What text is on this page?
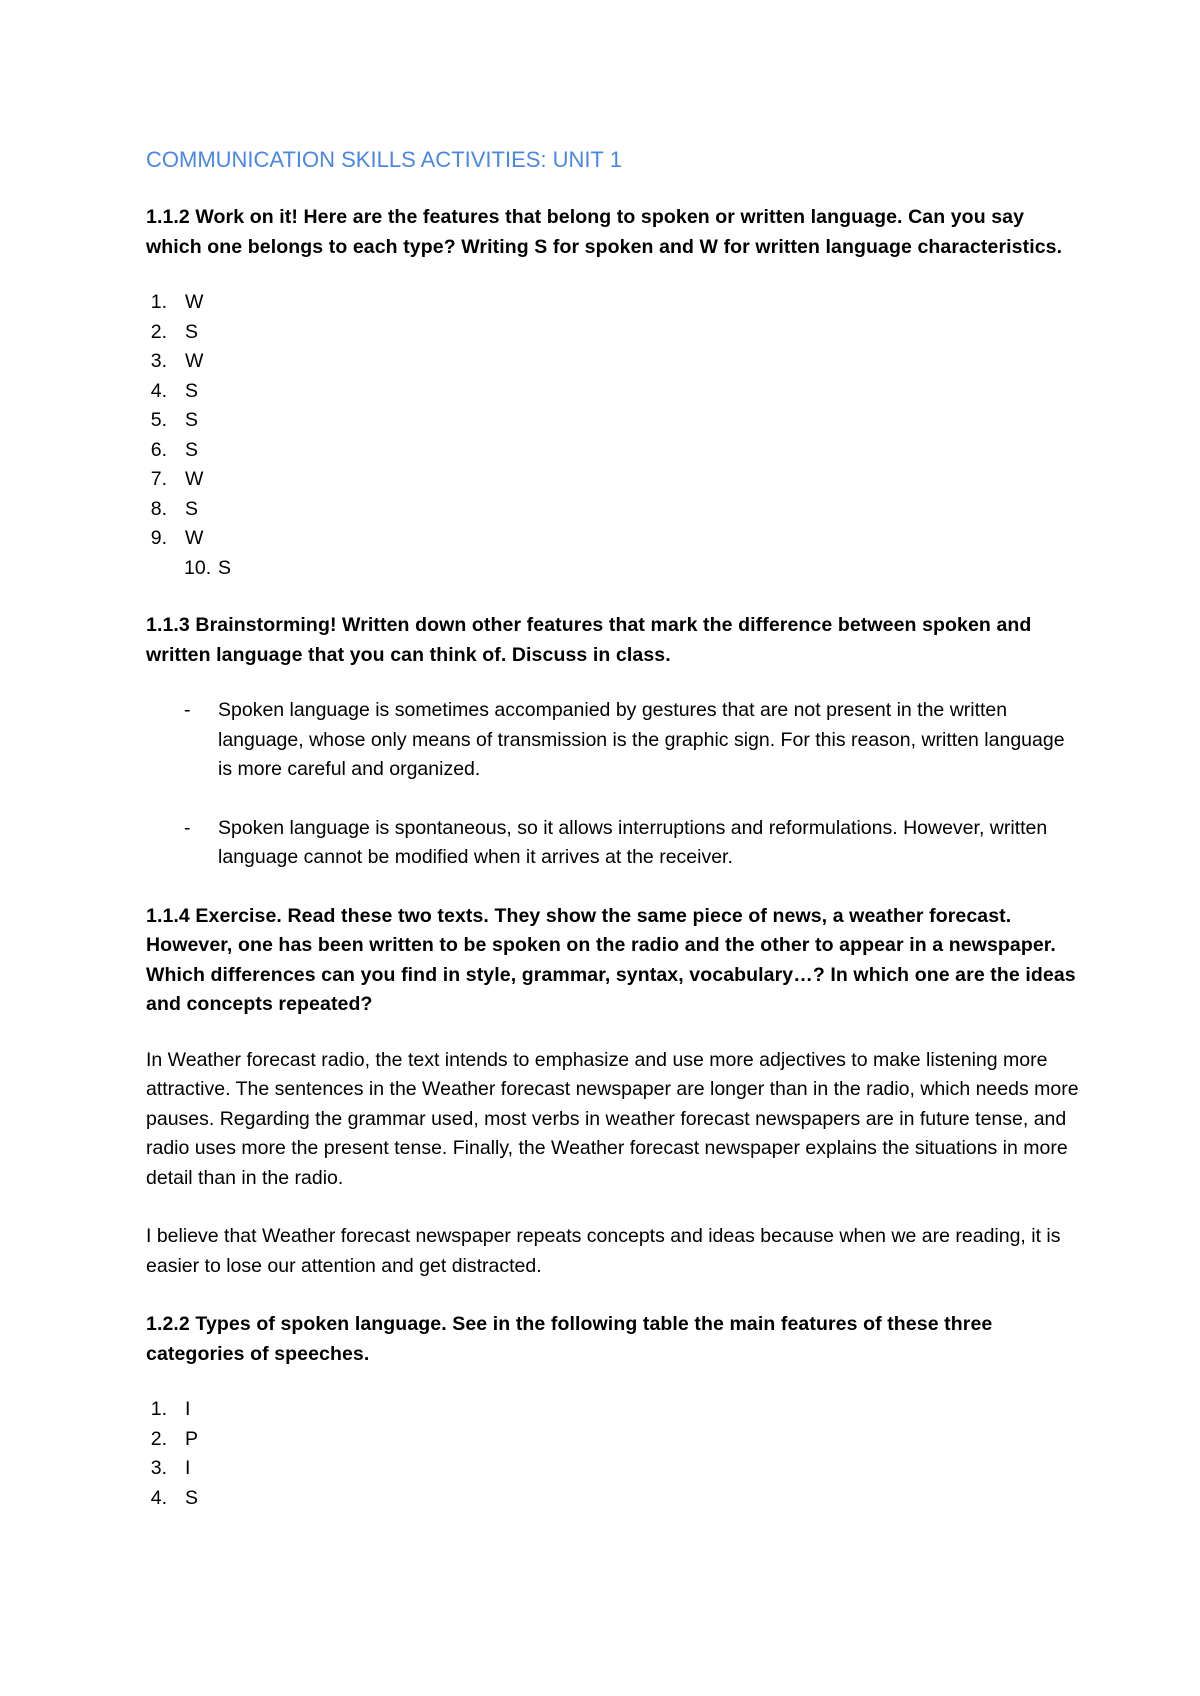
COMMUNICATION SKILLS ACTIVITIES: UNIT 1

1.1.2 Work on it! Here are the features that belong to spoken or written language. Can you say which one belongs to each type? Writing S for spoken and W for written language characteristics.

1. W
2. S
3. W
4. S
5. S
6. S
7. W
8. S
9. W
10. S

1.1.3 Brainstorming! Written down other features that mark the difference between spoken and written language that you can think of. Discuss in class.

-	Spoken language is sometimes accompanied by gestures that are not present in the written language, whose only means of transmission is the graphic sign. For this reason, written language is more careful and organized.
-	Spoken language is spontaneous, so it allows interruptions and reformulations. However, written language cannot be modified when it arrives at the receiver.

1.1.4 Exercise. Read these two texts. They show the same piece of news, a weather forecast. However, one has been written to be spoken on the radio and the other to appear in a newspaper. Which differences can you find in style, grammar, syntax, vocabulary…? In which one are the ideas and concepts repeated?

In Weather forecast radio, the text intends to emphasize and use more adjectives to make listening more attractive. The sentences in the Weather forecast newspaper are longer than in the radio, which needs more pauses. Regarding the grammar used, most verbs in weather forecast newspapers are in future tense, and radio uses more the present tense. Finally, the Weather forecast newspaper explains the situations in more detail than in the radio.

I believe that Weather forecast newspaper repeats concepts and ideas because when we are reading, it is easier to lose our attention and get distracted.

1.2.2 Types of spoken language. See in the following table the main features of these three categories of speeches.

1. I
2. P
3. I
4. S
